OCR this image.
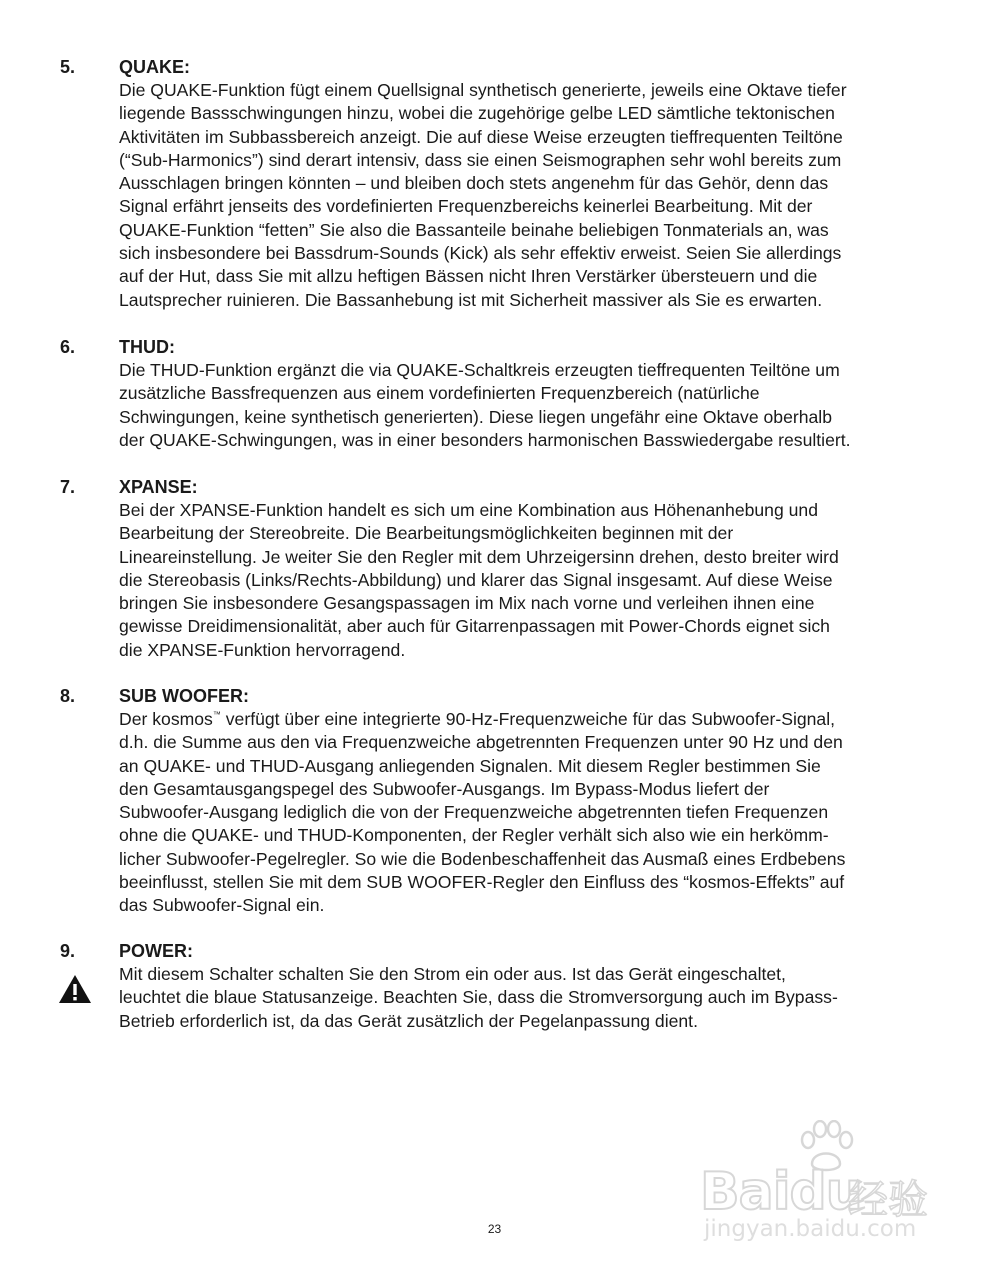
5. QUAKE:
Die QUAKE-Funktion fügt einem Quellsignal synthetisch generierte, jeweils eine Oktave tiefer
liegende Bassschwingungen hinzu, wobei die zugehörige gelbe LED sämtliche tektonischen
Aktivitäten im Subbassbereich anzeigt. Die auf diese Weise erzeugten tieffrequenten Teiltöne
(“Sub-Harmonics”) sind derart intensiv, dass sie einen Seismographen sehr wohl bereits zum
Ausschlagen bringen könnten – und bleiben doch stets angenehm für das Gehör, denn das
Signal erfährt jenseits des vordefinierten Frequenzbereichs keinerlei Bearbeitung. Mit der
QUAKE-Funktion “fetten” Sie also die Bassanteile beinahe beliebigen Tonmaterials an, was
sich insbesondere bei Bassdrum-Sounds (Kick) als sehr effektiv erweist. Seien Sie allerdings
auf der Hut, dass Sie mit allzu heftigen Bässen nicht Ihren Verstärker übersteuern und die
Lautsprecher ruinieren. Die Bassanhebung ist mit Sicherheit massiver als Sie es erwarten.
6. THUD:
Die THUD-Funktion ergänzt die via QUAKE-Schaltkreis erzeugten tieffrequenten Teiltöne um
zusätzliche Bassfrequenzen aus einem vordefinierten Frequenzbereich (natürliche
Schwingungen, keine synthetisch generierten). Diese liegen ungefähr eine Oktave oberhalb
der QUAKE-Schwingungen, was in einer besonders harmonischen Basswiedergabe resultiert.
7. XPANSE:
Bei der XPANSE-Funktion handelt es sich um eine Kombination aus Höhenanhebung und
Bearbeitung der Stereobreite. Die Bearbeitungsmöglichkeiten beginnen mit der
Lineareinstellung. Je weiter Sie den Regler mit dem Uhrzeigersinn drehen, desto breiter wird
die Stereobasis (Links/Rechts-Abbildung) und klarer das Signal insgesamt. Auf diese Weise
bringen Sie insbesondere Gesangspassagen im Mix nach vorne und verleihen ihnen eine
gewisse Dreidimensionalität, aber auch für Gitarrenpassagen mit Power-Chords eignet sich
die XPANSE-Funktion hervorragend.
8. SUB WOOFER:
Der kosmos™ verfügt über eine integrierte 90-Hz-Frequenzweiche für das Subwoofer-Signal,
d.h. die Summe aus den via Frequenzweiche abgetrennten Frequenzen unter 90 Hz und den
an QUAKE- und THUD-Ausgang anliegenden Signalen. Mit diesem Regler bestimmen Sie
den Gesamtausgangspegel des Subwoofer-Ausgangs. Im Bypass-Modus liefert der
Subwoofer-Ausgang lediglich die von der Frequenzweiche abgetrennten tiefen Frequenzen
ohne die QUAKE- und THUD-Komponenten, der Regler verhält sich also wie ein herkömm-
licher Subwoofer-Pegelregler. So wie die Bodenbeschaffenheit das Ausmaß eines Erdbebens
beeinflusst, stellen Sie mit dem SUB WOOFER-Regler den Einfluss des “kosmos-Effekts” auf
das Subwoofer-Signal ein.
9. POWER:
Mit diesem Schalter schalten Sie den Strom ein oder aus. Ist das Gerät eingeschaltet,
leuchtet die blaue Statusanzeige. Beachten Sie, dass die Stromversorgung auch im Bypass-
Betrieb erforderlich ist, da das Gerät zusätzlich der Pegelanpassung dient.
Baidu
经验
jingyan.baidu.com
23
